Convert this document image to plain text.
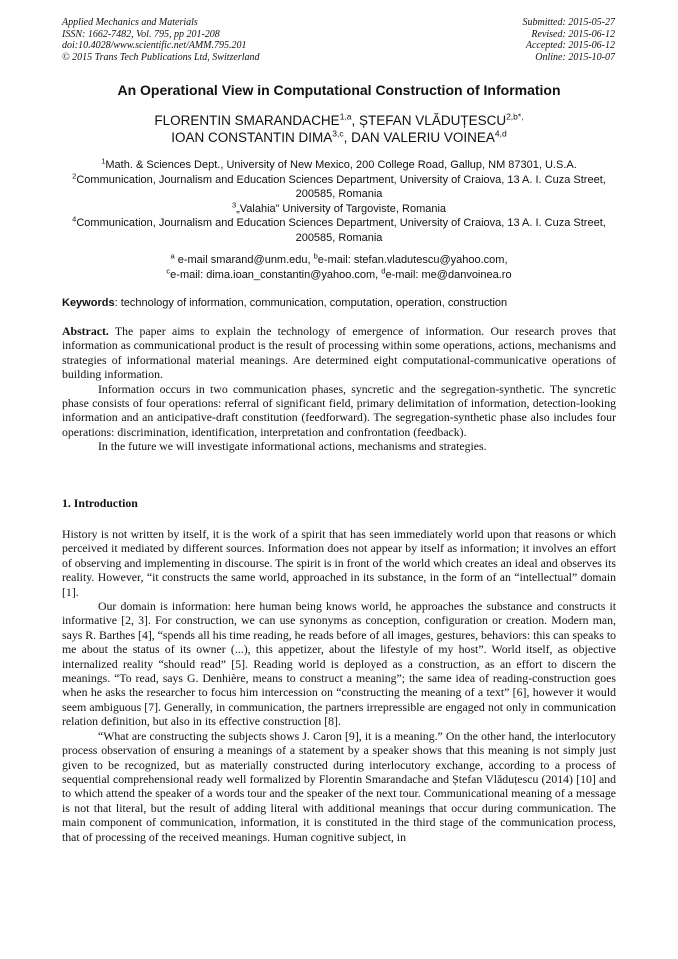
Applied Mechanics and Materials
ISSN: 1662-7482, Vol. 795, pp 201-208
doi:10.4028/www.scientific.net/AMM.795.201
© 2015 Trans Tech Publications Ltd, Switzerland
Submitted: 2015-05-27
Revised: 2015-06-12
Accepted: 2015-06-12
Online: 2015-10-07
An Operational View in Computational Construction of Information
FLORENTIN SMARANDACHE$^{1,a}$, ȘTEFAN $VLĂDUȚESCU^{2,b*,}$
IOAN CONSTANTIN DIMA$^{3,c}$, DAN VALERIU VOINEA$^{4,d}$
$^1$Math. & Sciences Dept., University of New Mexico, 200 College Road, Gallup, NM 87301, U.S.A.
$^2$Communication, Journalism and Education Sciences Department, University of Craiova, 13 A. I. Cuza Street, 200585, Romania
$^3$„Valahia” University of Targoviste, Romania
$^4$Communication, Journalism and Education Sciences Department, University of Craiova, 13 A. I. Cuza Street, 200585, Romania
$^a$ e-mail smarand@unm.edu, $^b$e-mail: stefan.vladutescu@yahoo.com,
$^c$e-mail: dima.ioan_constantin@yahoo.com, $^d$e-mail: me@danvoinea.ro
Keywords: technology of information, communication, computation, operation, construction

Abstract. The paper aims to explain the technology of emergence of information. Our research proves that information as communicational product is the result of processing within some operations, actions, mechanisms and strategies of informational material meanings. Are determined eight computational-communicative operations of building information.

Information occurs in two communication phases, syncretic and the segregation-synthetic. The syncretic phase consists of four operations: referral of significant field, primary delimitation of information, detection-looking information and an anticipative-draft constitution (feedforward). The segregation-synthetic phase also includes four operations: discrimination, identification, interpretation and confrontation (feedback).

In the future we will investigate informational actions, mechanisms and strategies.

1. Introduction

History is not written by itself, it is the work of a spirit that has seen immediately world upon that reasons or which perceived it mediated by different sources. Information does not appear by itself as information; it involves an effort of observing and implementing in discourse. The spirit is in front of the world which creates an ideal and observes its reality. However, “it constructs the same world, approached in its substance, in the form of an “intellectual” domain [1].

Our domain is information: here human being knows world, he approaches the substance and constructs it informative [2, 3]. For construction, we can use synonyms as conception, configuration or creation. Modern man, says R. Barthes [4], “spends all his time reading, he reads before of all images, gestures, behaviors: this can speaks to me about the status of its owner (...), this appetizer, about the lifestyle of my host”. World itself, as objective internalized reality “should read” [5]. Reading world is deployed as a construction, as an effort to discern the meanings. “To read, says G. Denhière, means to construct a meaning”; the same idea of reading-construction goes when he asks the researcher to focus him intercession on “constructing the meaning of a text” [6], however it would seem ambiguous [7]. Generally, in communication, the partners irrepressible are engaged not only in communication relation definition, but also in its effective construction [8].

“What are constructing the subjects shows J. Caron [9], it is a meaning.” On the other hand, the interlocutory process observation of ensuring a meanings of a statement by a speaker shows that this meaning is not simply just given to be recognized, but as materially constructed during interlocutory exchange, according to a process of sequential comprehensional ready well formalized by Florentin Smarandache and Ștefan Vlăduțescu (2014) [10] and to which attend the speaker of a words tour and the speaker of the next tour. Communicational meaning of a message is not that literal, but the result of adding literal with additional meanings that occur during communication. The main component of communication, information, it is constituted in the third stage of the communication process, that of processing of the received meanings. Human cognitive subject, in
